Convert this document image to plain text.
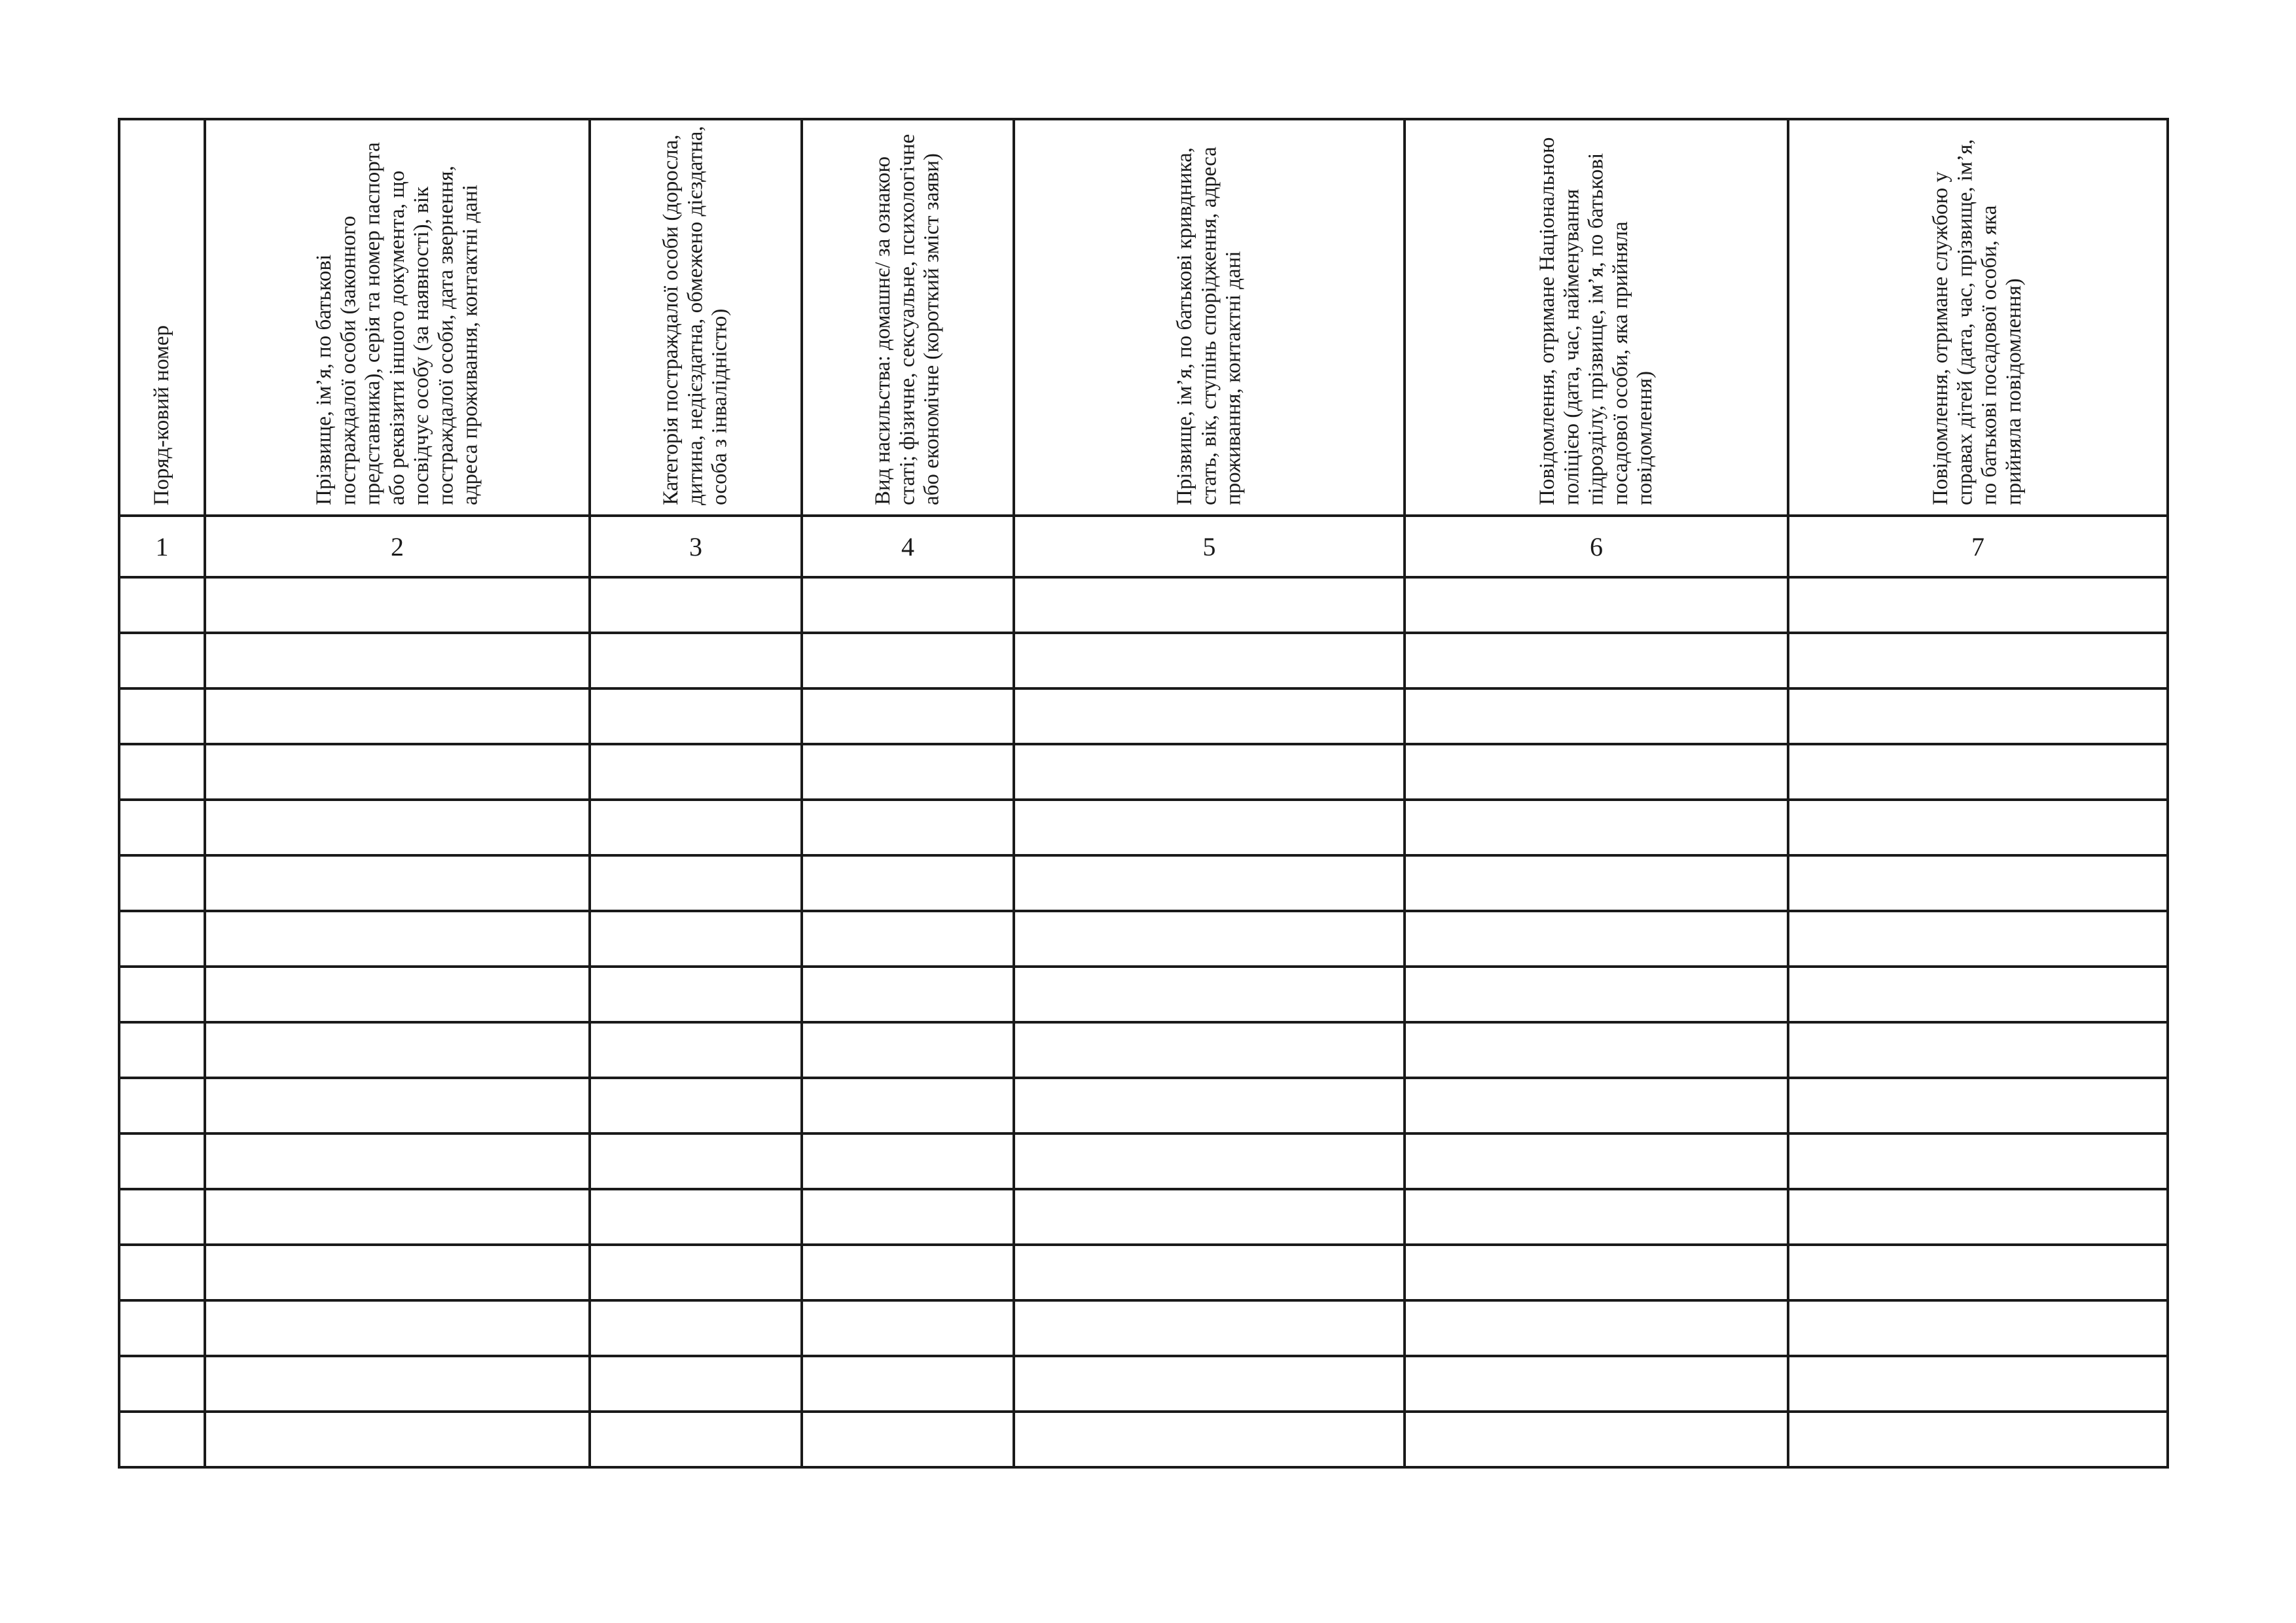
Поряд-ковий номер	Прізвище, ім’я, по батькові постраждалої особи (законного представника), серія та номер паспорта або реквізити іншого документа, що посвідчує особу (за наявності), вік постраждалої особи, дата звернення, адреса проживання, контактні дані	Категорія постраждалої особи (доросла, дитина, недієздатна, обмежено дієздатна, особа з інвалідністю)	Вид насильства: домашнє/ за ознакою статі; фізичне, сексуальне, психологічне або економічне (короткий зміст заяви)	Прізвище, ім’я, по батькові кривдника, стать, вік, ступінь спорідження, адреса проживання, контактні дані	Повідомлення, отримане Національною поліцією (дата, час, найменування підрозділу, прізвище, ім’я, по батькові посадової особи, яка прийняла повідомлення)	Повідомлення, отримане службою у справах дітей (дата, час, прізвище, ім’я, по батькові посадової особи, яка прийняла повідомлення)

1	2	3	4	5	6	7
